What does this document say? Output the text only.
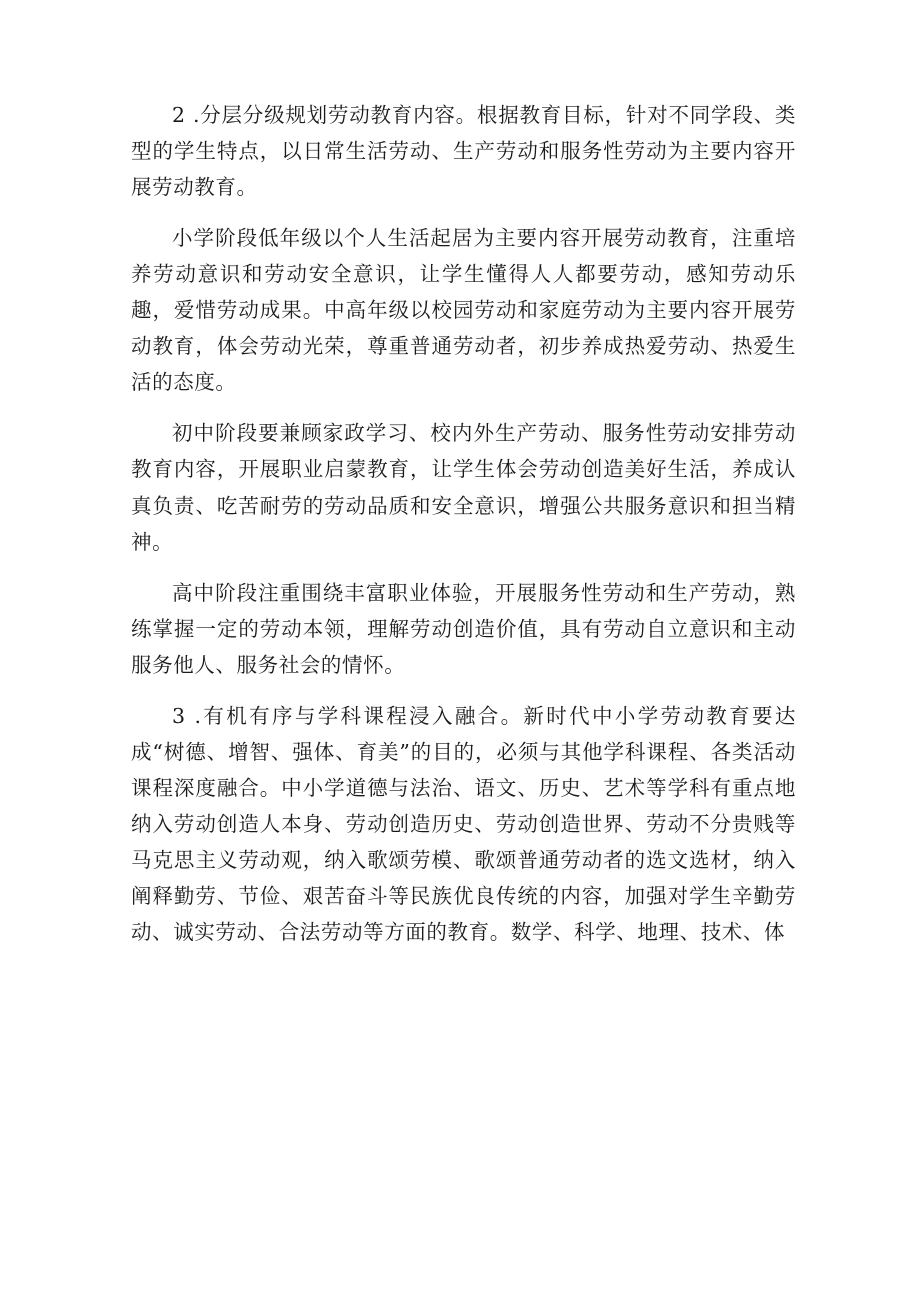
2 .分层分级规划劳动教育内容。根据教育目标，针对不同学段、类型的学生特点，以日常生活劳动、生产劳动和服务性劳动为主要内容开展劳动教育。

小学阶段低年级以个人生活起居为主要内容开展劳动教育，注重培养劳动意识和劳动安全意识，让学生懂得人人都要劳动，感知劳动乐趣，爱惜劳动成果。中高年级以校园劳动和家庭劳动为主要内容开展劳动教育，体会劳动光荣，尊重普通劳动者，初步养成热爱劳动、热爱生活的态度。

初中阶段要兼顾家政学习、校内外生产劳动、服务性劳动安排劳动教育内容，开展职业启蒙教育，让学生体会劳动创造美好生活，养成认真负责、吃苦耐劳的劳动品质和安全意识，增强公共服务意识和担当精神。

高中阶段注重围绕丰富职业体验，开展服务性劳动和生产劳动，熟练掌握一定的劳动本领，理解劳动创造价值，具有劳动自立意识和主动服务他人、服务社会的情怀。

3 .有机有序与学科课程浸入融合。新时代中小学劳动教育要达成“树德、增智、强体、育美”的目的，必须与其他学科课程、各类活动课程深度融合。中小学道德与法治、语文、历史、艺术等学科有重点地纳入劳动创造人本身、劳动创造历史、劳动创造世界、劳动不分贵贱等马克思主义劳动观，纳入歌颂劳模、歌颂普通劳动者的选文选材，纳入阐释勤劳、节俭、艰苦奋斗等民族优良传统的内容，加强对学生辛勤劳动、诚实劳动、合法劳动等方面的教育。数学、科学、地理、技术、体
